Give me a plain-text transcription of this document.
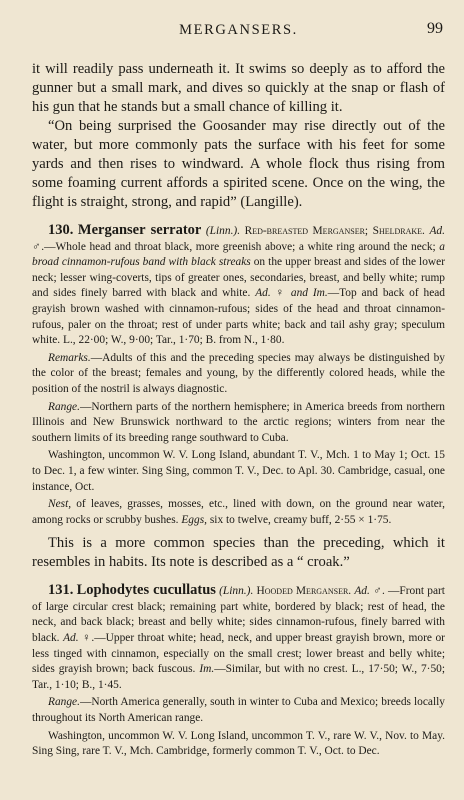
MERGANSERS.	99

it will readily pass underneath it. It swims so deeply as to afford the gunner but a small mark, and dives so quickly at the snap or flash of his gun that he stands but a small chance of killing it.

“On being surprised the Goosander may rise directly out of the water, but more commonly pats the surface with his feet for some yards and then rises to windward. A whole flock thus rising from some foaming current affords a spirited scene. Once on the wing, the flight is straight, strong, and rapid” (Langille).

130. Merganser serrator (Linn.). Red-breasted Merganser; Sheldrake. Ad. ♂.—Whole head and throat black, more greenish above; a white ring around the neck; a broad cinnamon-rufous band with black streaks on the upper breast and sides of the lower neck; lesser wing-coverts, tips of greater ones, secondaries, breast, and belly white; rump and sides finely barred with black and white. Ad. ♀ and Im.—Top and back of head grayish brown washed with cinnamon-rufous; sides of the head and throat cinnamon-rufous, paler on the throat; rest of under parts white; back and tail ashy gray; speculum white. L., 22·00; W., 9·00; Tar., 1·70; B. from N., 1·80.

Remarks.—Adults of this and the preceding species may always be distinguished by the color of the breast; females and young, by the differently colored heads, while the position of the nostril is always diagnostic.

Range.—Northern parts of the northern hemisphere; in America breeds from northern Illinois and New Brunswick northward to the arctic regions; winters from near the southern limits of its breeding range southward to Cuba.

Washington, uncommon W. V. Long Island, abundant T. V., Mch. 1 to May 1; Oct. 15 to Dec. 1, a few winter. Sing Sing, common T. V., Dec. to Apl. 30. Cambridge, casual, one instance, Oct.

Nest, of leaves, grasses, mosses, etc., lined with down, on the ground near water, among rocks or scrubby bushes. Eggs, six to twelve, creamy buff, 2·55 × 1·75.

This is a more common species than the preceding, which it resembles in habits. Its note is described as a “ croak.”

131. Lophodytes cucullatus (Linn.). Hooded Merganser. Ad. ♂. —Front part of large circular crest black; remaining part white, bordered by black; rest of head, the neck, and back black; breast and belly white; sides cinnamon-rufous, finely barred with black. Ad. ♀.—Upper throat white; head, neck, and upper breast grayish brown, more or less tinged with cinnamon, especially on the small crest; lower breast and belly white; sides grayish brown; back fuscous. Im.—Similar, but with no crest. L., 17·50; W., 7·50; Tar., 1·10; B., 1·45.

Range.—North America generally, south in winter to Cuba and Mexico; breeds locally throughout its North American range.

Washington, uncommon W. V. Long Island, uncommon T. V., rare W. V., Nov. to May. Sing Sing, rare T. V., Mch. Cambridge, formerly common T. V., Oct. to Dec.
